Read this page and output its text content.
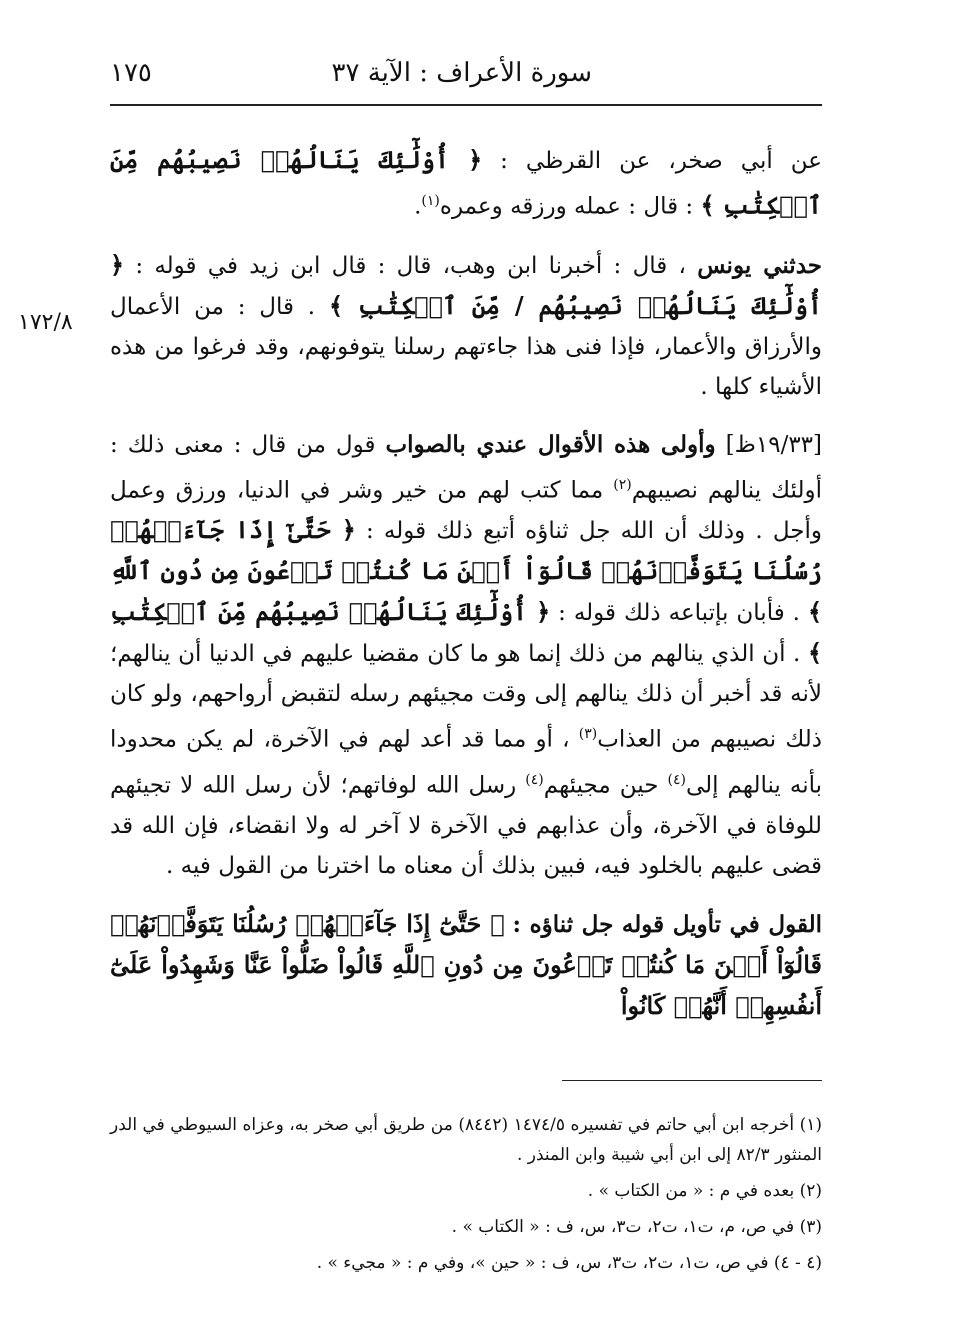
سورة الأعراف : الآية ٣٧
١٧٥
١٧٢/٨

عن أبي صخر، عن القرظي : ﴿ أُوْلَٰٓئِكَ يَنَالُهُمۡ نَصِيبُهُم مِّنَ ٱلۡكِتَٰبِ ﴾ : قال : عمله ورزقه وعمره$^{(١)}$.

حدثني يونس ، قال : أخبرنا ابن وهب، قال : قال ابن زيد في قوله : ﴿ أُوْلَٰٓئِكَ يَنَالُهُمۡ نَصِيبُهُم / مِّنَ ٱلۡكِتَٰبِ ﴾ . قال : من الأعمال والأرزاق والأعمار، فإذا فنى هذا جاءتهم رسلنا يتوفونهم، وقد فرغوا من هذه الأشياء كلها .

[١٩/٣٣ظ] وأولى هذه الأقوال عندي بالصواب قول من قال : معنى ذلك : أولئك ينالهم نصيبهم$^{(٢)}$ مما كتب لهم من خير وشر في الدنيا، ورزق وعمل وأجل . وذلك أن الله جل ثناؤه أتبع ذلك قوله : ﴿ حَتَّىٰٓ إِذَا جَآءَتۡهُمۡ رُسُلُنَا يَتَوَفَّوۡنَهُمۡ قَالُوٓاْ أَيۡنَ مَا كُنتُمۡ تَدۡعُونَ مِن دُونِ ٱللَّهِ ﴾ . فأبان بإتباعه ذلك قوله : ﴿ أُوْلَٰٓئِكَ يَنَالُهُمۡ نَصِيبُهُم مِّنَ ٱلۡكِتَٰبِ ﴾ . أن الذي ينالهم من ذلك إنما هو ما كان مقضيا عليهم في الدنيا أن ينالهم؛ لأنه قد أخبر أن ذلك ينالهم إلى وقت مجيئهم رسله لتقبض أرواحهم، ولو كان ذلك نصيبهم من العذاب$^{(٣)}$ ، أو مما قد أعد لهم في الآخرة، لم يكن محدودا بأنه ينالهم إلى$^{(٤)}$ حين مجيئهم$^{(٤)}$ رسل الله لوفاتهم؛ لأن رسل الله لا تجيئهم للوفاة في الآخرة، وأن عذابهم في الآخرة لا آخر له ولا انقضاء، فإن الله قد قضى عليهم بالخلود فيه، فبين بذلك أن معناه ما اخترنا من القول فيه .

القول في تأويل قوله جل ثناؤه : ﴿ حَتَّىٰٓ إِذَا جَآءَتۡهُمۡ رُسُلُنَا يَتَوَفَّوۡنَهُمۡ قَالُوٓاْ أَيۡنَ مَا كُنتُمۡ تَدۡعُونَ مِن دُونِ ٱللَّهِ قَالُواْ ضَلُّواْ عَنَّا وَشَهِدُواْ عَلَىٰٓ أَنفُسِهِمۡ أَنَّهُمۡ كَانُواْ

(١) أخرجه ابن أبي حاتم في تفسيره ١٤٧٤/٥ (٨٤٤٢) من طريق أبي صخر به، وعزاه السيوطي في الدر المنثور ٨٢/٣ إلى ابن أبي شيبة وابن المنذر .
(٢) بعده في م : « من الكتاب » .
(٣) في ص، م، ت١، ت٢، ت٣، س، ف : « الكتاب » .
(٤ - ٤) في ص، ت١، ت٢، ت٣، س، ف : « حين »، وفي م : « مجيء » .
